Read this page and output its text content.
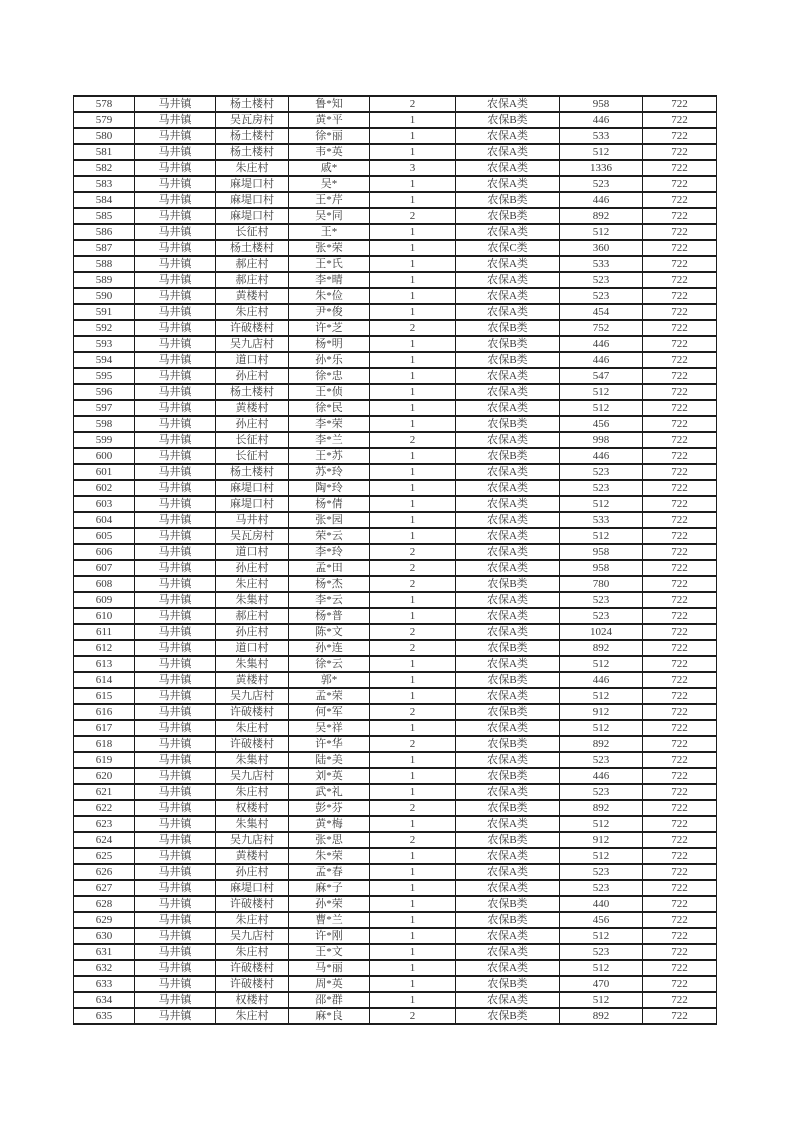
578	马井镇	杨土楼村	鲁*知	2	农保A类	958	722
579	马井镇	吴瓦房村	黄*平	1	农保B类	446	722
580	马井镇	杨土楼村	徐*丽	1	农保A类	533	722
581	马井镇	杨土楼村	韦*英	1	农保A类	512	722
582	马井镇	朱庄村	戚*	3	农保A类	1336	722
583	马井镇	麻堤口村	吴*	1	农保A类	523	722
584	马井镇	麻堤口村	王*芹	1	农保B类	446	722
585	马井镇	麻堤口村	吴*同	2	农保B类	892	722
586	马井镇	长征村	王*	1	农保A类	512	722
587	马井镇	杨土楼村	张*荣	1	农保C类	360	722
588	马井镇	郝庄村	王*氏	1	农保A类	533	722
589	马井镇	郝庄村	李*晴	1	农保A类	523	722
590	马井镇	黄楼村	朱*俭	1	农保A类	523	722
591	马井镇	朱庄村	尹*俊	1	农保A类	454	722
592	马井镇	许破楼村	许*芝	2	农保B类	752	722
593	马井镇	吴九店村	杨*明	1	农保B类	446	722
594	马井镇	道口村	孙*乐	1	农保B类	446	722
595	马井镇	孙庄村	徐*忠	1	农保A类	547	722
596	马井镇	杨土楼村	王*侦	1	农保A类	512	722
597	马井镇	黄楼村	徐*民	1	农保A类	512	722
598	马井镇	孙庄村	李*荣	1	农保B类	456	722
599	马井镇	长征村	李*兰	2	农保A类	998	722
600	马井镇	长征村	王*苏	1	农保B类	446	722
601	马井镇	杨土楼村	苏*玲	1	农保A类	523	722
602	马井镇	麻堤口村	陶*玲	1	农保A类	523	722
603	马井镇	麻堤口村	杨*倩	1	农保A类	512	722
604	马井镇	马井村	张*园	1	农保A类	533	722
605	马井镇	吴瓦房村	荣*云	1	农保A类	512	722
606	马井镇	道口村	李*玲	2	农保A类	958	722
607	马井镇	孙庄村	孟*田	2	农保A类	958	722
608	马井镇	朱庄村	杨*杰	2	农保B类	780	722
609	马井镇	朱集村	李*云	1	农保A类	523	722
610	马井镇	郝庄村	杨*普	1	农保A类	523	722
611	马井镇	孙庄村	陈*文	2	农保A类	1024	722
612	马井镇	道口村	孙*连	2	农保B类	892	722
613	马井镇	朱集村	徐*云	1	农保A类	512	722
614	马井镇	黄楼村	郭*	1	农保B类	446	722
615	马井镇	吴九店村	孟*荣	1	农保A类	512	722
616	马井镇	许破楼村	何*军	2	农保B类	912	722
617	马井镇	朱庄村	吴*祥	1	农保A类	512	722
618	马井镇	许破楼村	许*华	2	农保B类	892	722
619	马井镇	朱集村	陆*美	1	农保A类	523	722
620	马井镇	吴九店村	刘*英	1	农保B类	446	722
621	马井镇	朱庄村	武*礼	1	农保A类	523	722
622	马井镇	权楼村	彭*芬	2	农保B类	892	722
623	马井镇	朱集村	黄*梅	1	农保A类	512	722
624	马井镇	吴九店村	张*思	2	农保B类	912	722
625	马井镇	黄楼村	朱*荣	1	农保A类	512	722
626	马井镇	孙庄村	孟*春	1	农保A类	523	722
627	马井镇	麻堤口村	麻*子	1	农保A类	523	722
628	马井镇	许破楼村	孙*荣	1	农保B类	440	722
629	马井镇	朱庄村	曹*兰	1	农保B类	456	722
630	马井镇	吴九店村	许*刚	1	农保A类	512	722
631	马井镇	朱庄村	王*文	1	农保A类	523	722
632	马井镇	许破楼村	马*丽	1	农保A类	512	722
633	马井镇	许破楼村	周*英	1	农保B类	470	722
634	马井镇	权楼村	邵*群	1	农保A类	512	722
635	马井镇	朱庄村	麻*良	2	农保B类	892	722
